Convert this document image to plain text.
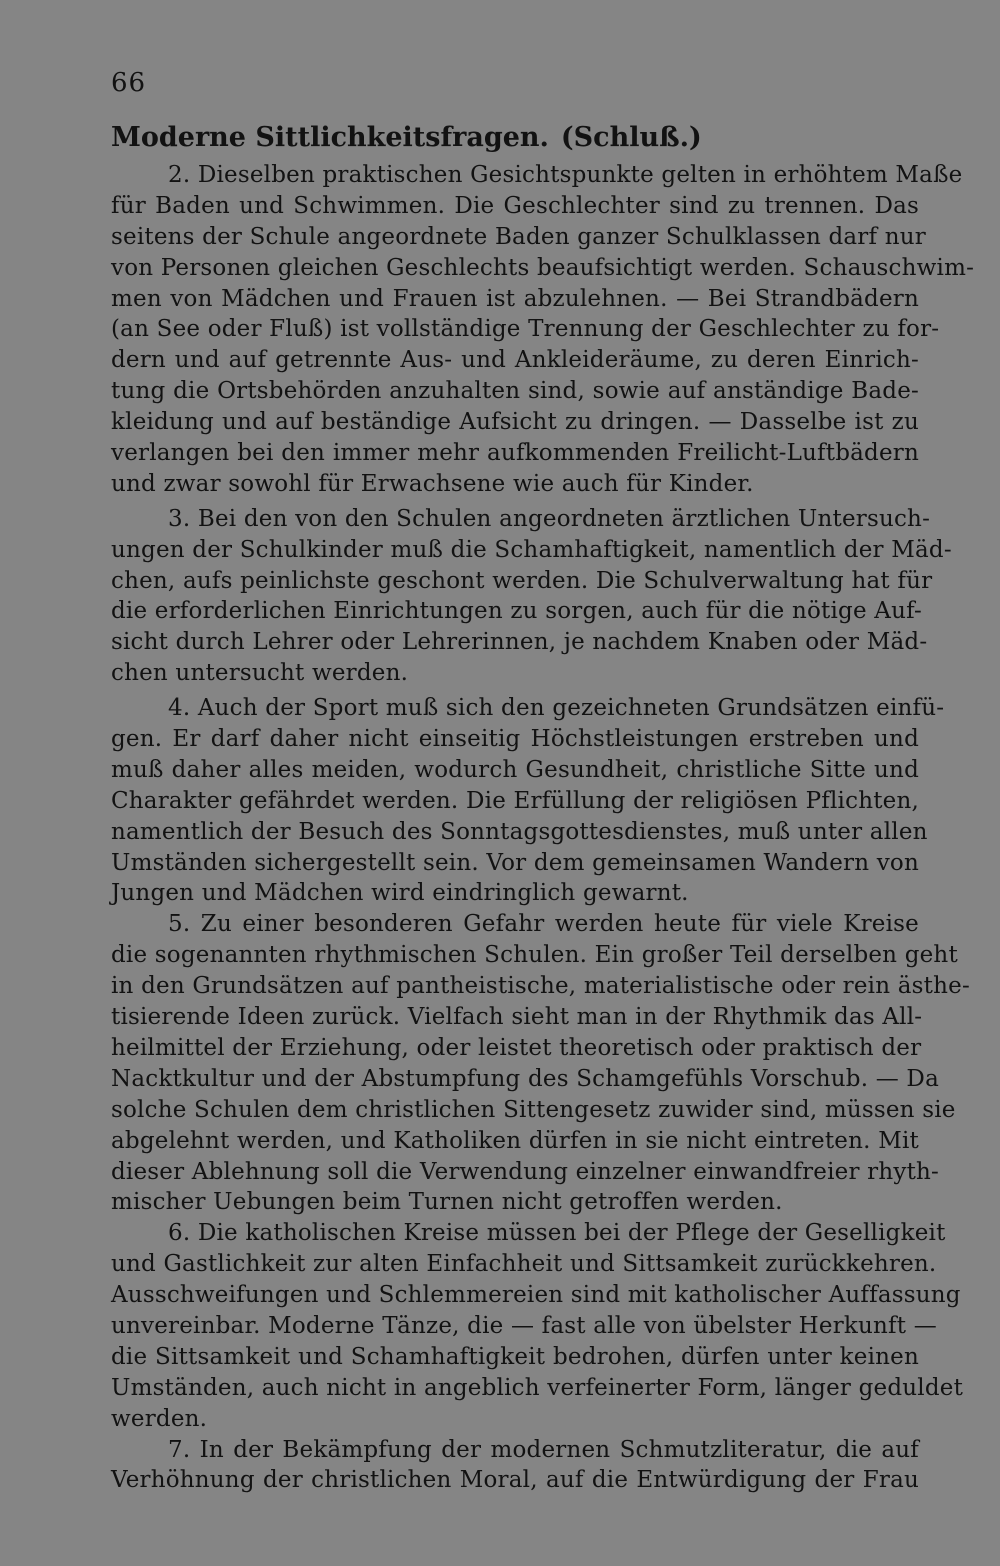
66
Moderne Sittlichkeitsfragen. (Schluß.)
2. Dieselben praktischen Gesichtspunkte gelten in erhöhtem Maße
für Baden und Schwimmen. Die Geschlechter sind zu trennen. Das
seitens der Schule angeordnete Baden ganzer Schulklassen darf nur
von Personen gleichen Geschlechts beaufsichtigt werden. Schauschwim-
men von Mädchen und Frauen ist abzulehnen. — Bei Strandbädern
(an See oder Fluß) ist vollständige Trennung der Geschlechter zu for-
dern und auf getrennte Aus- und Ankleideräume, zu deren Einrich-
tung die Ortsbehörden anzuhalten sind, sowie auf anständige Bade-
kleidung und auf beständige Aufsicht zu dringen. — Dasselbe ist zu
verlangen bei den immer mehr aufkommenden Freilicht-Luftbädern
und zwar sowohl für Erwachsene wie auch für Kinder.
3. Bei den von den Schulen angeordneten ärztlichen Untersuch-
ungen der Schulkinder muß die Schamhaftigkeit, namentlich der Mäd-
chen, aufs peinlichste geschont werden. Die Schulverwaltung hat für
die erforderlichen Einrichtungen zu sorgen, auch für die nötige Auf-
sicht durch Lehrer oder Lehrerinnen, je nachdem Knaben oder Mäd-
chen untersucht werden.
4. Auch der Sport muß sich den gezeichneten Grundsätzen einfü-
gen. Er darf daher nicht einseitig Höchstleistungen erstreben und
muß daher alles meiden, wodurch Gesundheit, christliche Sitte und
Charakter gefährdet werden. Die Erfüllung der religiösen Pflichten,
namentlich der Besuch des Sonntagsgottesdienstes, muß unter allen
Umständen sichergestellt sein. Vor dem gemeinsamen Wandern von
Jungen und Mädchen wird eindringlich gewarnt.
5. Zu einer besonderen Gefahr werden heute für viele Kreise
die sogenannten rhythmischen Schulen. Ein großer Teil derselben geht
in den Grundsätzen auf pantheistische, materialistische oder rein ästhe-
tisierende Ideen zurück. Vielfach sieht man in der Rhythmik das All-
heilmittel der Erziehung, oder leistet theoretisch oder praktisch der
Nacktkultur und der Abstumpfung des Schamgefühls Vorschub. — Da
solche Schulen dem christlichen Sittengesetz zuwider sind, müssen sie
abgelehnt werden, und Katholiken dürfen in sie nicht eintreten. Mit
dieser Ablehnung soll die Verwendung einzelner einwandfreier rhyth-
mischer Uebungen beim Turnen nicht getroffen werden.
6. Die katholischen Kreise müssen bei der Pflege der Geselligkeit
und Gastlichkeit zur alten Einfachheit und Sittsamkeit zurückkehren.
Ausschweifungen und Schlemmereien sind mit katholischer Auffassung
unvereinbar. Moderne Tänze, die — fast alle von übelster Herkunft —
die Sittsamkeit und Schamhaftigkeit bedrohen, dürfen unter keinen
Umständen, auch nicht in angeblich verfeinerter Form, länger geduldet
werden.
7. In der Bekämpfung der modernen Schmutzliteratur, die auf
Verhöhnung der christlichen Moral, auf die Entwürdigung der Frau
